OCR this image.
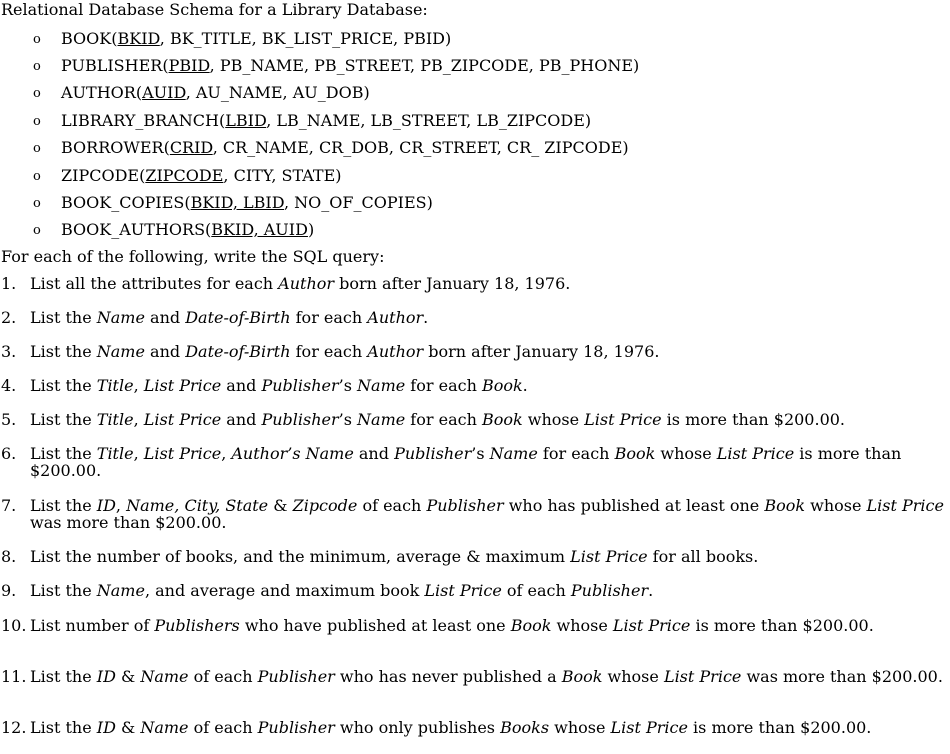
Relational Database Schema for a Library Database:
o BOOK(BKID, BK_TITLE, BK_LIST_PRICE, PBID)
o PUBLISHER(PBID, PB_NAME, PB_STREET, PB_ZIPCODE, PB_PHONE)
o AUTHOR(AUID, AU_NAME, AU_DOB)
o LIBRARY_BRANCH(LBID, LB_NAME, LB_STREET, LB_ZIPCODE)
o BORROWER(CRID, CR_NAME, CR_DOB, CR_STREET, CR_ ZIPCODE)
o ZIPCODE(ZIPCODE, CITY, STATE)
o BOOK_COPIES(BKID, LBID, NO_OF_COPIES)
o BOOK_AUTHORS(BKID, AUID)
For each of the following, write the SQL query:
1. List all the attributes for each Author born after January 18, 1976.
2. List the Name and Date-of-Birth for each Author.
3. List the Name and Date-of-Birth for each Author born after January 18, 1976.
4. List the Title, List Price and Publisher’s Name for each Book.
5. List the Title, List Price and Publisher’s Name for each Book whose List Price is more than $200.00.
6. List the Title, List Price, Author’s Name and Publisher’s Name for each Book whose List Price is more than $200.00.
7. List the ID, Name, City, State & Zipcode of each Publisher who has published at least one Book whose List Price was more than $200.00.
8. List the number of books, and the minimum, average & maximum List Price for all books.
9. List the Name, and average and maximum book List Price of each Publisher.
10. List number of Publishers who have published at least one Book whose List Price is more than $200.00.
11. List the ID & Name of each Publisher who has never published a Book whose List Price was more than $200.00.
12. List the ID & Name of each Publisher who only publishes Books whose List Price is more than $200.00.
